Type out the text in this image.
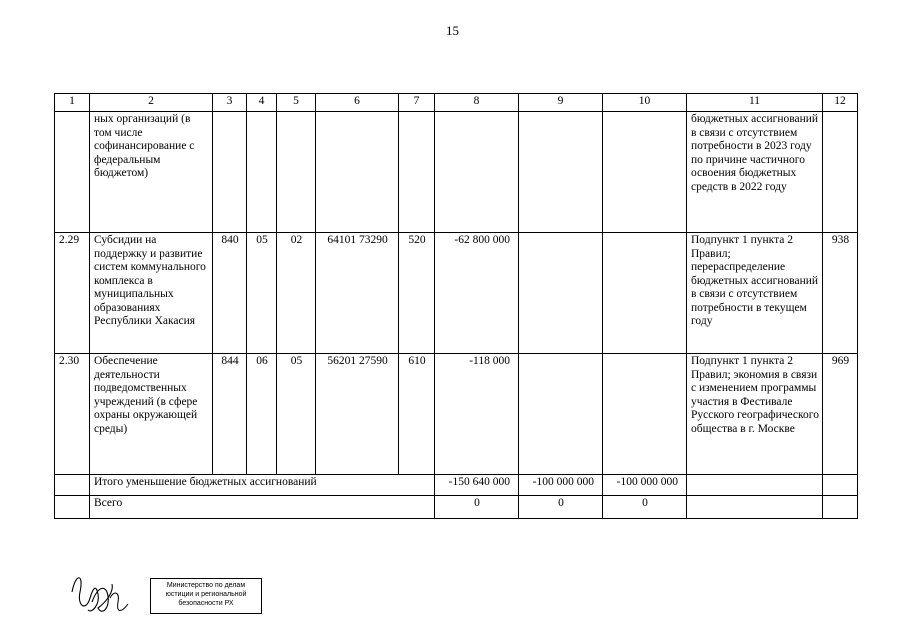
15
1	2	3	4	5	6	7	8	9	10	11	12
	ных организаций (в том числе софинансирование с федеральным бюджетом)									бюджетных ассигнований в связи с отсутствием потребности в 2023 году по причине частичного освоения бюджетных средств в 2022 году	
2.29	Субсидии на поддержку и развитие систем коммунального комплекса в муниципальных образованиях Республики Хакасия	840	05	02	64101 73290	520	-62 800 000			Подпункт 1 пункта 2 Правил; перераспределение бюджетных ассигнований в связи с отсутствием потребности в текущем году	938
2.30	Обеспечение деятельности подведомственных учреждений (в сфере охраны окружающей среды)	844	06	05	56201 27590	610	-118 000			Подпункт 1 пункта 2 Правил; экономия в связи с изменением программы участия в Фестивале Русского географического общества в г. Москве	969
	Итого уменьшение бюджетных ассигнований						-150 640 000	-100 000 000	-100 000 000		
	Всего						0	0	0		
Министерство по делам
юстиции и региональной
безопасности РХ
